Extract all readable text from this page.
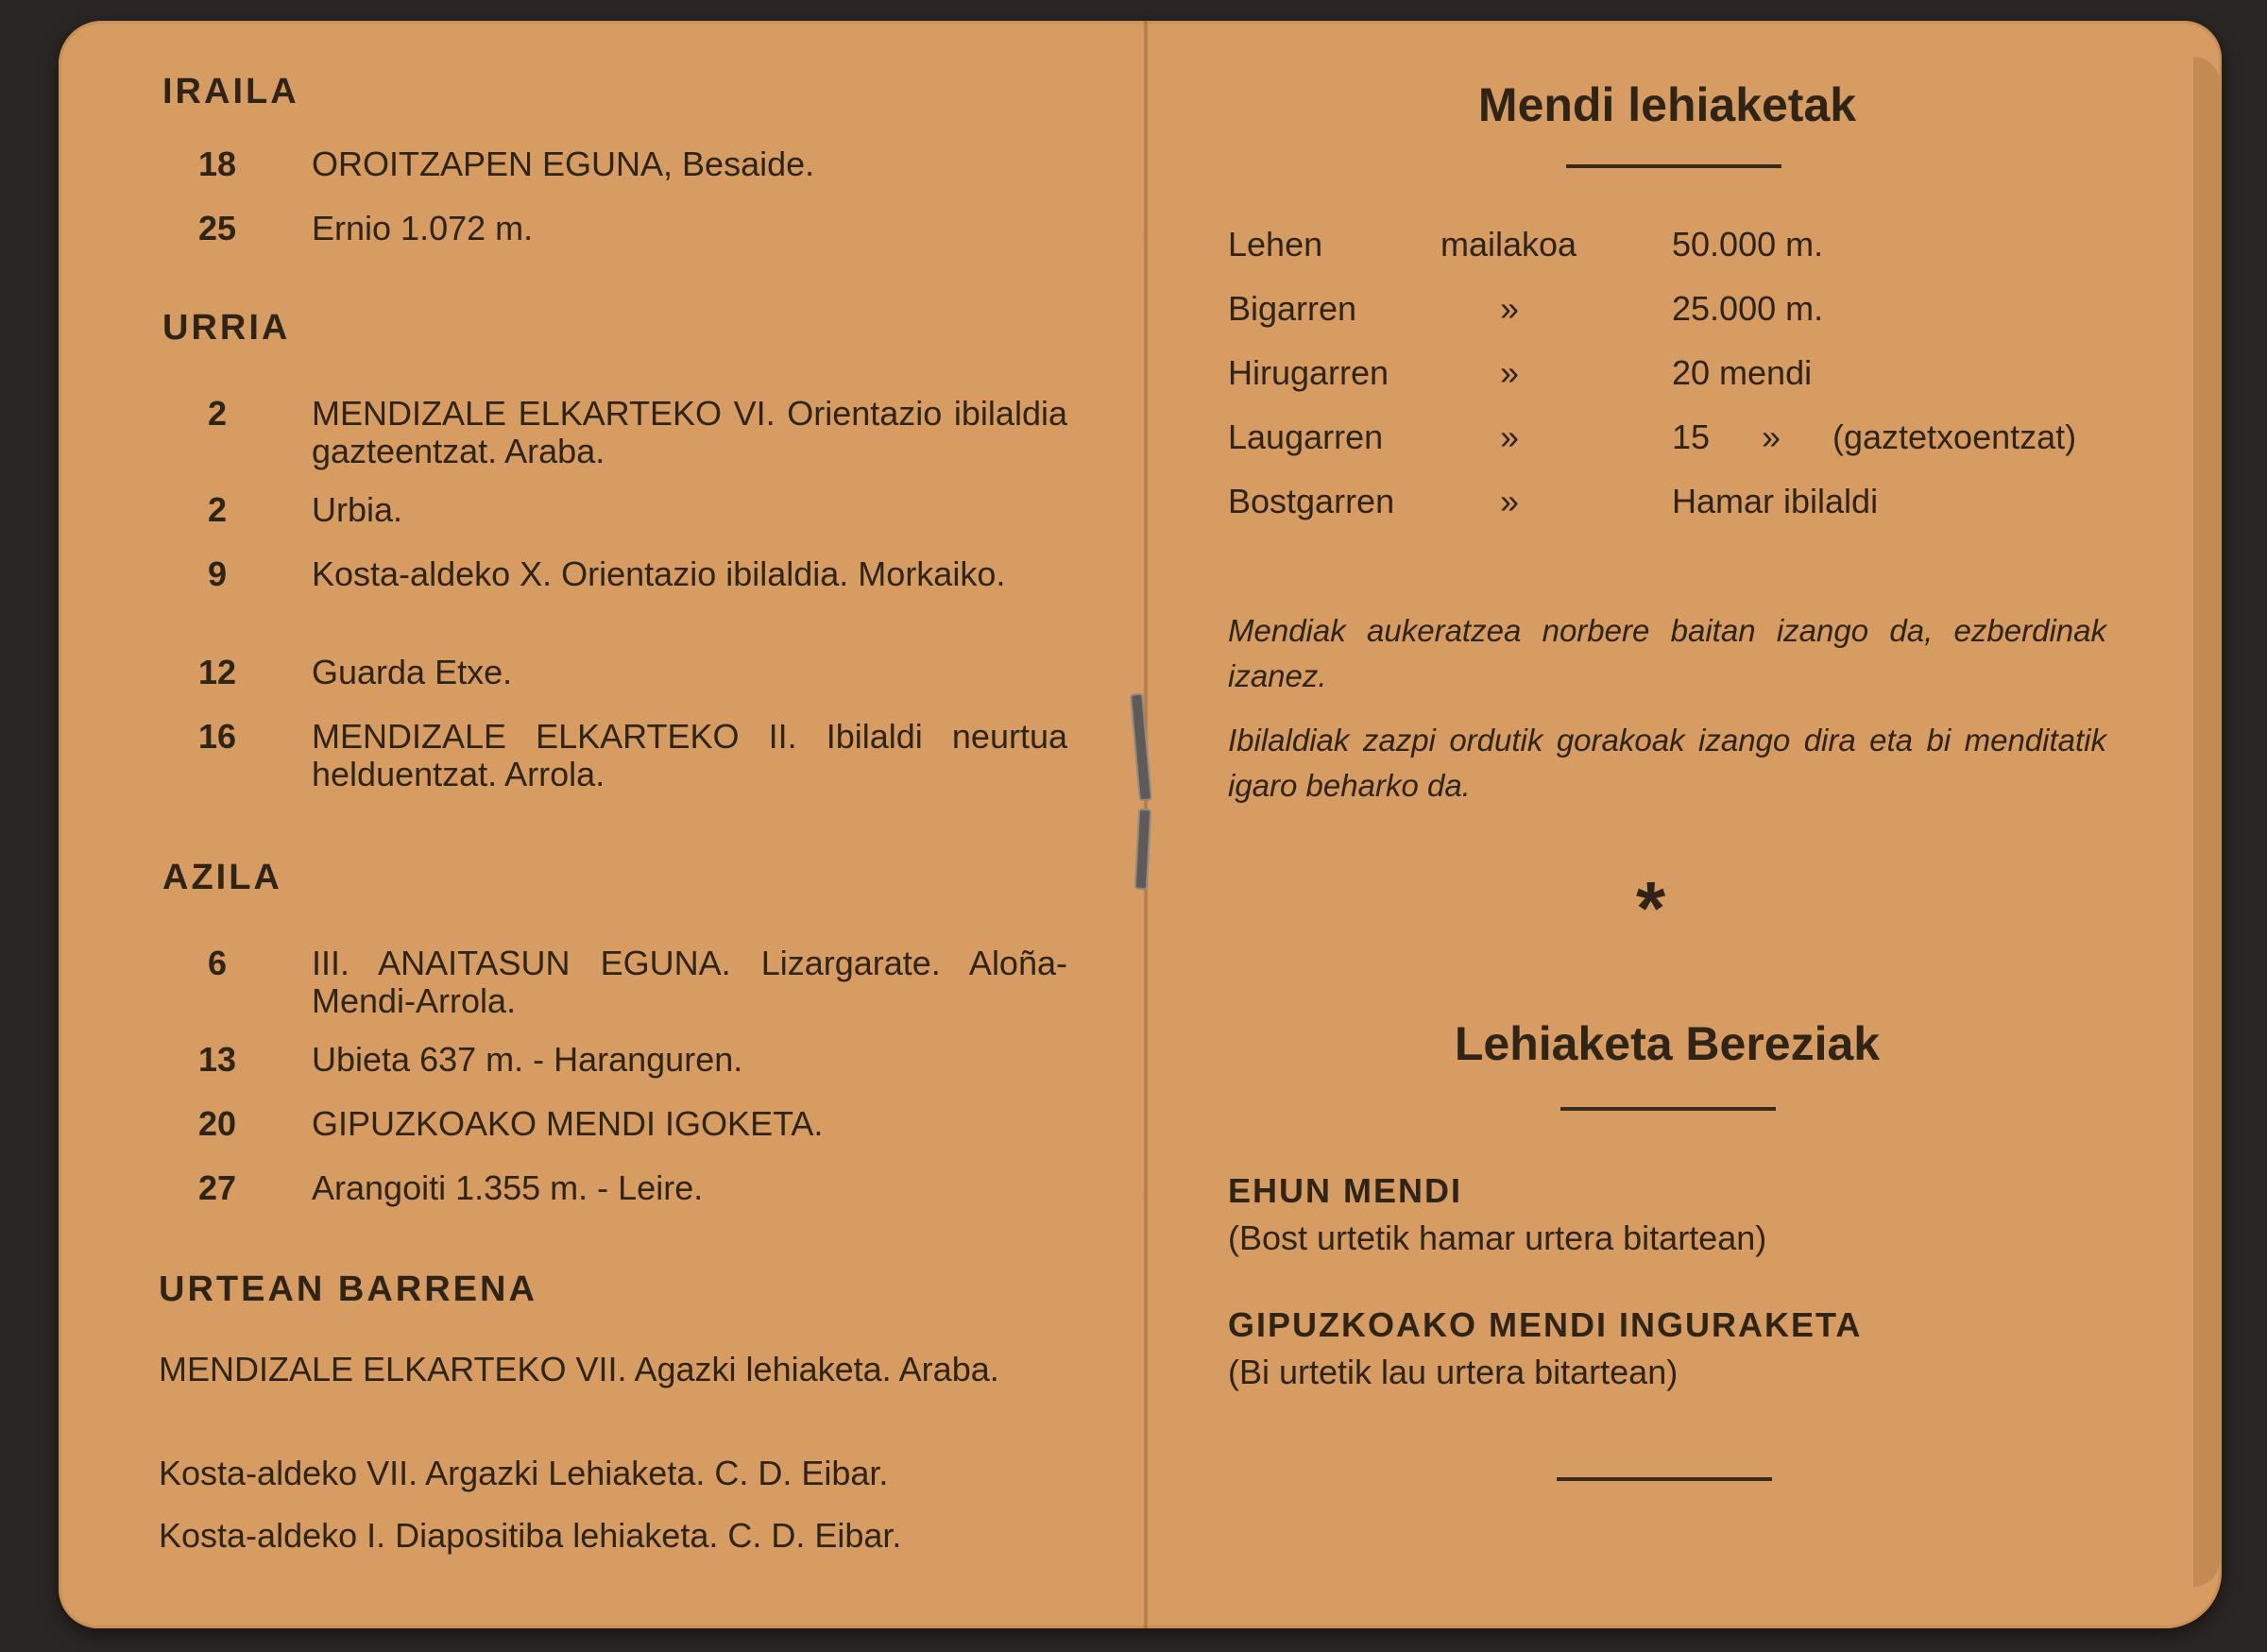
IRAILA
18	OROITZAPEN EGUNA, Besaide.
25	Ernio 1.072 m.
URRIA
2	MENDIZALE ELKARTEKO VI. Orientazio ibilaldia gazteentzat. Araba.
2	Urbia.
9	Kosta-aldeko X. Orientazio ibilaldia. Morkaiko.
12	Guarda Etxe.
16	MENDIZALE ELKARTEKO II. Ibilaldi neurtua helduentzat. Arrola.
AZILA
6	III. ANAITASUN EGUNA. Lizargarate. Aloña-Mendi-Arrola.
13	Ubieta 637 m. - Haranguren.
20	GIPUZKOAKO MENDI IGOKETA.
27	Arangoiti 1.355 m. - Leire.
URTEAN BARRENA
MENDIZALE ELKARTEKO VII. Agazki lehiaketa. Araba.
Kosta-aldeko VII. Argazki Lehiaketa. C. D. Eibar.
Kosta-aldeko I. Diapositiba lehiaketa. C. D. Eibar.
Mendi lehiaketak
Lehen	mailakoa	50.000 m.
Bigarren	»	25.000 m.
Hirugarren	»	20 mendi
Laugarren	»	15 » (gaztetxoentzat)
Bostgarren	»	Hamar ibilaldi
Mendiak aukeratzea norbere baitan izango da, ezberdinak izanez.
Ibilaldiak zazpi ordutik gorakoak izango dira eta bi menditatik igaro beharko da.
*
Lehiaketa Bereziak
EHUN MENDI
(Bost urtetik hamar urtera bitartean)
GIPUZKOAKO MENDI INGURAKETA
(Bi urtetik lau urtera bitartean)
